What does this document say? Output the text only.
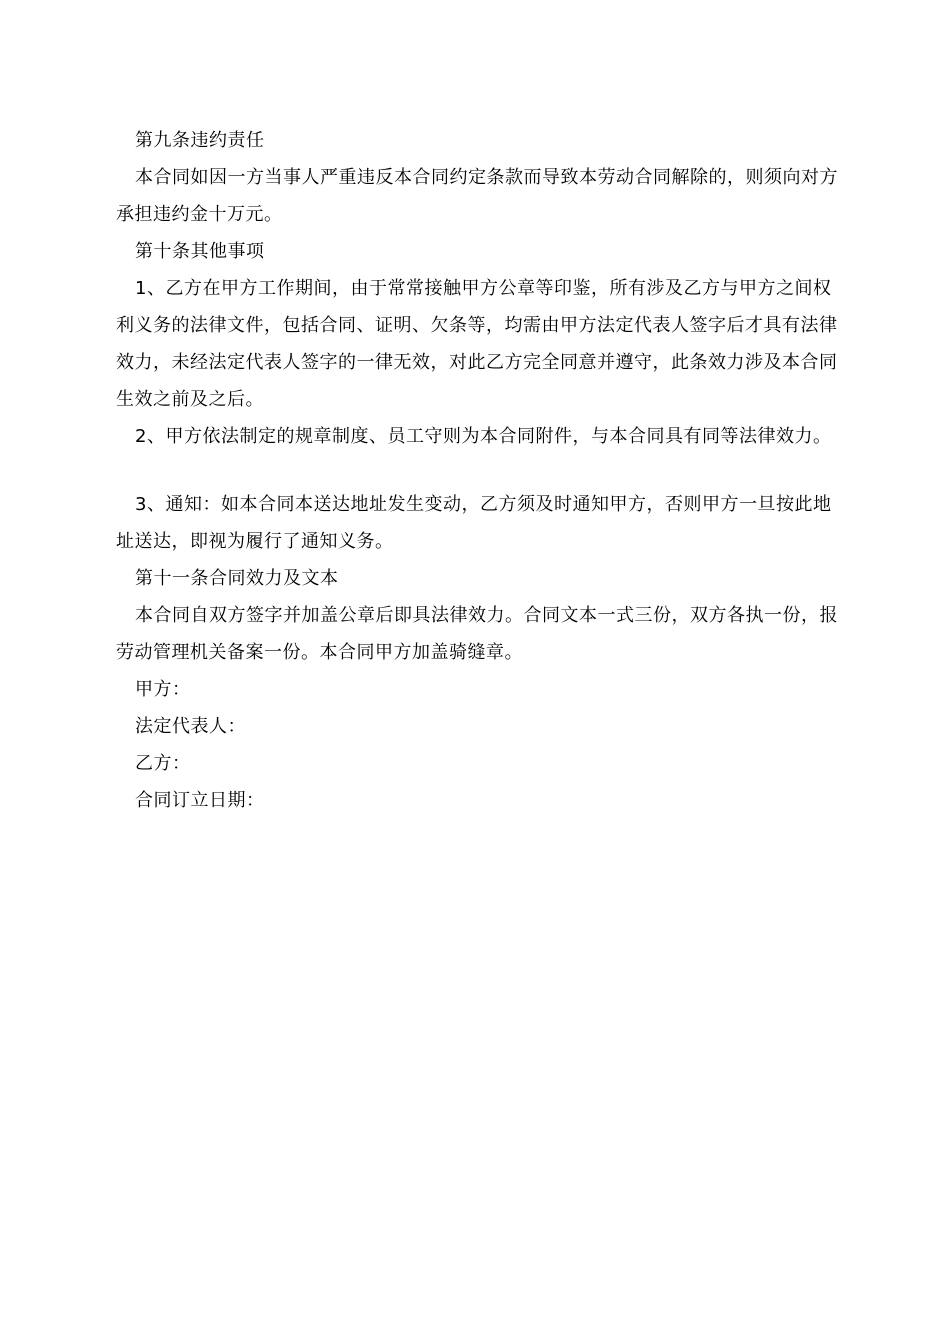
第九条违约责任

本合同如因一方当事人严重违反本合同约定条款而导致本劳动合同解除的，则须向对方承担违约金十万元。

第十条其他事项

1、乙方在甲方工作期间，由于常常接触甲方公章等印鉴，所有涉及乙方与甲方之间权利义务的法律文件，包括合同、证明、欠条等，均需由甲方法定代表人签字后才具有法律效力，未经法定代表人签字的一律无效，对此乙方完全同意并遵守，此条效力涉及本合同生效之前及之后。

2、甲方依法制定的规章制度、员工守则为本合同附件，与本合同具有同等法律效力。

3、通知：如本合同本送达地址发生变动，乙方须及时通知甲方，否则甲方一旦按此地址送达，即视为履行了通知义务。

第十一条合同效力及文本

本合同自双方签字并加盖公章后即具法律效力。合同文本一式三份，双方各执一份，报劳动管理机关备案一份。本合同甲方加盖骑缝章。

甲方：

法定代表人：

乙方：

合同订立日期：
